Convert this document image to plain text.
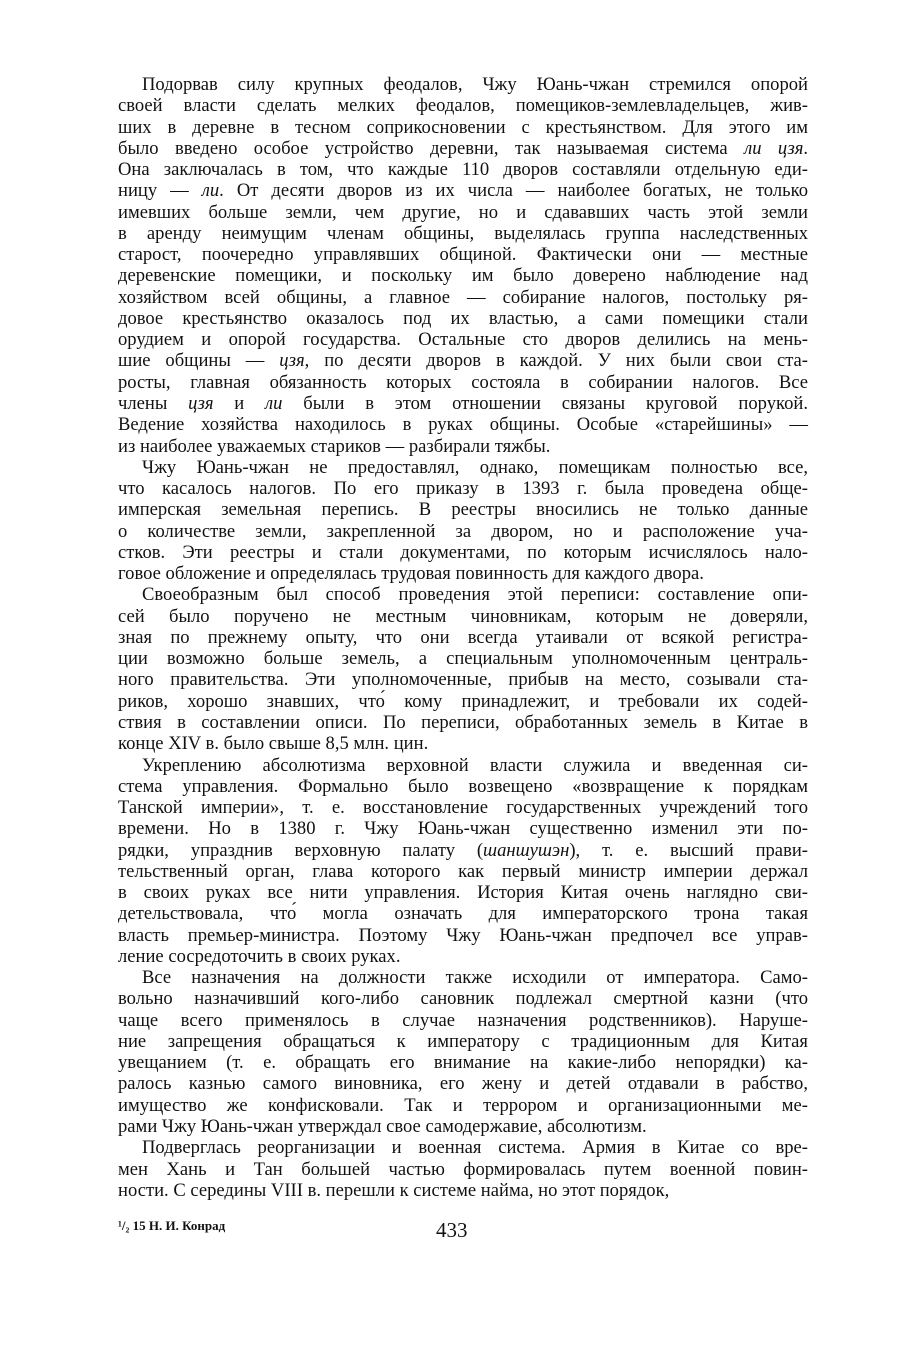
Подорвав силу крупных феодалов, Чжу Юань-чжан стремился опорой
своей власти сделать мелких феодалов, помещиков-землевладельцев, жив-
ших в деревне в тесном соприкосновении с крестьянством. Для этого им
было введено особое устройство деревни, так называемая система ли цзя.
Она заключалась в том, что каждые 110 дворов составляли отдельную еди-
ницу — ли. От десяти дворов из их числа — наиболее богатых, не только
имевших больше земли, чем другие, но и сдававших часть этой земли
в аренду неимущим членам общины, выделялась группа наследственных
старост, поочередно управлявших общиной. Фактически они — местные
деревенские помещики, и поскольку им было доверено наблюдение над
хозяйством всей общины, а главное — собирание налогов, постольку ря-
довое крестьянство оказалось под их властью, а сами помещики стали
орудием и опорой государства. Остальные сто дворов делились на мень-
шие общины — цзя, по десяти дворов в каждой. У них были свои ста-
росты, главная обязанность которых состояла в собирании налогов. Все
члены цзя и ли были в этом отношении связаны круговой порукой.
Ведение хозяйства находилось в руках общины. Особые «старейшины» —
из наиболее уважаемых стариков — разбирали тяжбы.
Чжу Юань-чжан не предоставлял, однако, помещикам полностью все,
что касалось налогов. По его приказу в 1393 г. была проведена обще-
имперская земельная перепись. В реестры вносились не только данные
о количестве земли, закрепленной за двором, но и расположение уча-
стков. Эти реестры и стали документами, по которым исчислялось нало-
говое обложение и определялась трудовая повинность для каждого двора.
Своеобразным был способ проведения этой переписи: составление опи-
сей было поручено не местным чиновникам, которым не доверяли,
зная по прежнему опыту, что они всегда утаивали от всякой регистра-
ции возможно больше земель, а специальным уполномоченным централь-
ного правительства. Эти уполномоченные, прибыв на место, созывали ста-
риков, хорошо знавших, что́ кому принадлежит, и требовали их содей-
ствия в составлении описи. По переписи, обработанных земель в Китае в
конце XIV в. было свыше 8,5 млн. цин.
Укреплению абсолютизма верховной власти служила и введенная си-
стема управления. Формально было возвещено «возвращение к порядкам
Танской империи», т. е. восстановление государственных учреждений того
времени. Но в 1380 г. Чжу Юань-чжан существенно изменил эти по-
рядки, упразднив верховную палату (шаншушэн), т. е. высший прави-
тельственный орган, глава которого как первый министр империи держал
в своих руках все нити управления. История Китая очень наглядно сви-
детельствовала, что́ могла означать для императорского трона такая
власть премьер-министра. Поэтому Чжу Юань-чжан предпочел все управ-
ление сосредоточить в своих руках.
Все назначения на должности также исходили от императора. Само-
вольно назначивший кого-либо сановник подлежал смертной казни (что
чаще всего применялось в случае назначения родственников). Наруше-
ние запрещения обращаться к императору с традиционным для Китая
увещанием (т. е. обращать его внимание на какие-либо непорядки) ка-
ралось казнью самого виновника, его жену и детей отдавали в рабство,
имущество же конфисковали. Так и террором и организационными ме-
рами Чжу Юань-чжан утверждал свое самодержавие, абсолютизм.
Подверглась реорганизации и военная система. Армия в Китае со вре-
мен Хань и Тан большей частью формировалась путем военной повин-
ности. С середины VIII в. перешли к системе найма, но этот порядок,
¹/₂ 15 Н. И. Конрад	433
